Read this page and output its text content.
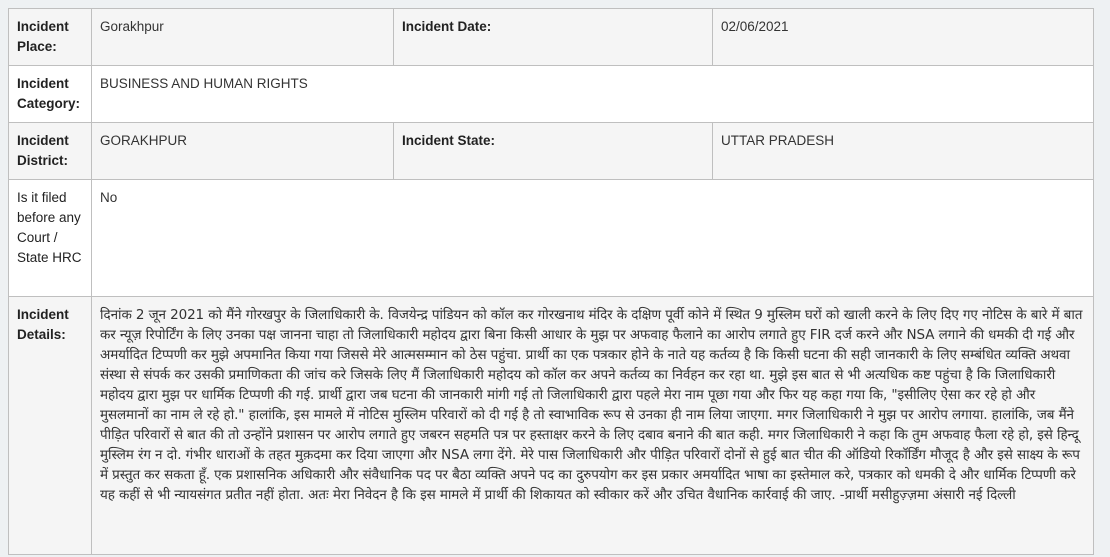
Incident Place:	Gorakhpur	Incident Date:	02/06/2021
Incident Category:	BUSINESS AND HUMAN RIGHTS		
Incident District:	GORAKHPUR	Incident State:	UTTAR PRADESH
Is it filed before any Court / State HRC	No		
Incident Details:	दिनांक 2 जून 2021 को मैंने गोरखपुर के जिलाधिकारी के. विजयेन्द्र पांडियन को कॉल कर गोरखनाथ मंदिर के दक्षिण पूर्वी कोने में स्थित 9 मुस्लिम घरों को खाली करने के लिए दिए गए नोटिस के बारे में बात कर न्यूज़ रिपोर्टिंग के लिए उनका पक्ष जानना चाहा तो जिलाधिकारी महोदय द्वारा बिना किसी आधार के मुझ पर अफवाह फैलाने का आरोप लगाते हुए FIR दर्ज करने और NSA लगाने की धमकी दी गई और अमर्यादित टिप्पणी कर मुझे अपमानित किया गया जिससे मेरे आत्मसम्मान को ठेस पहुंचा. प्रार्थी का एक पत्रकार होने के नाते यह कर्तव्य है कि किसी घटना की सही जानकारी के लिए सम्बंधित व्यक्ति अथवा संस्था से संपर्क कर उसकी प्रमाणिकता की जांच करे जिसके लिए मैं जिलाधिकारी महोदय को कॉल कर अपने कर्तव्य का निर्वहन कर रहा था. मुझे इस बात से भी अत्यधिक कष्ट पहुंचा है कि जिलाधिकारी महोदय द्वारा मुझ पर धार्मिक टिप्पणी की गई. प्रार्थी द्वारा जब घटना की जानकारी मांगी गई तो जिलाधिकारी द्वारा पहले मेरा नाम पूछा गया और फिर यह कहा गया कि, "इसीलिए ऐसा कर रहे हो और मुसलमानों का नाम ले रहे हो." हालांकि, इस मामले में नोटिस मुस्लिम परिवारों को दी गई है तो स्वाभाविक रूप से उनका ही नाम लिया जाएगा. मगर जिलाधिकारी ने मुझ पर आरोप लगाया. हालांकि, जब मैंने पीड़ित परिवारों से बात की तो उन्होंने प्रशासन पर आरोप लगाते हुए जबरन सहमति पत्र पर हस्ताक्षर करने के लिए दबाव बनाने की बात कही. मगर जिलाधिकारी ने कहा कि तुम अफवाह फैला रहे हो, इसे हिन्दू मुस्लिम रंग न दो. गंभीर धाराओं के तहत मुक़दमा कर दिया जाएगा और NSA लगा देंगे. मेरे पास जिलाधिकारी और पीड़ित परिवारों दोनों से हुई बात चीत की ऑडियो रिकॉर्डिंग मौजूद है और इसे साक्ष्य के रूप में प्रस्तुत कर सकता हूँ. एक प्रशासनिक अधिकारी और संवैधानिक पद पर बैठा व्यक्ति अपने पद का दुरुपयोग कर इस प्रकार अमर्यादित भाषा का इस्तेमाल करे, पत्रकार को धमकी दे और धार्मिक टिप्पणी करे यह कहीं से भी न्यायसंगत प्रतीत नहीं होता. अतः मेरा निवेदन है कि इस मामले में प्रार्थी की शिकायत को स्वीकार करें और उचित वैधानिक कार्रवाई की जाए. -प्रार्थी मसीहुज़्ज़मा अंसारी नई दिल्ली		
